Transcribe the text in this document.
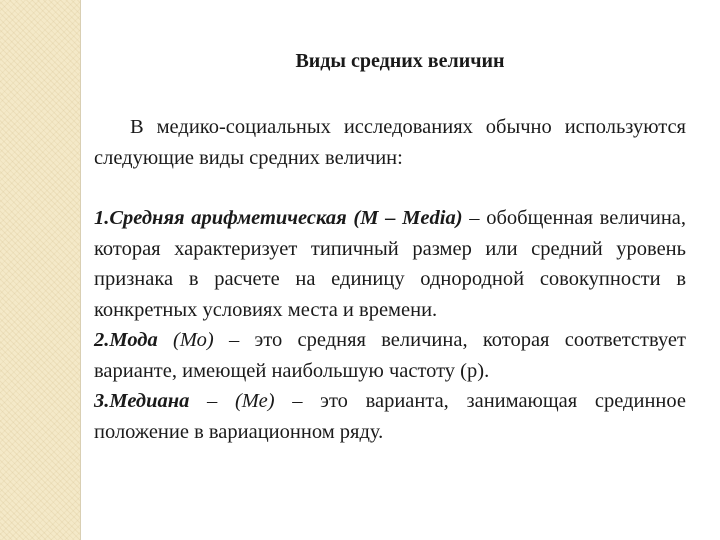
Виды средних величин

В медико-социальных исследованиях обычно используются следующие виды средних величин:

1.Средняя арифметическая (М – Media) – обобщенная величина, которая характеризует типичный размер или средний уровень признака в расчете на единицу однородной совокупности в конкретных условиях места и времени.

2.Мода (Мо) – это средняя величина, которая соответствует варианте, имеющей наибольшую частоту (р).

3.Медиана – (Ме) – это варианта, занимающая срединное положение в вариационном ряду.
